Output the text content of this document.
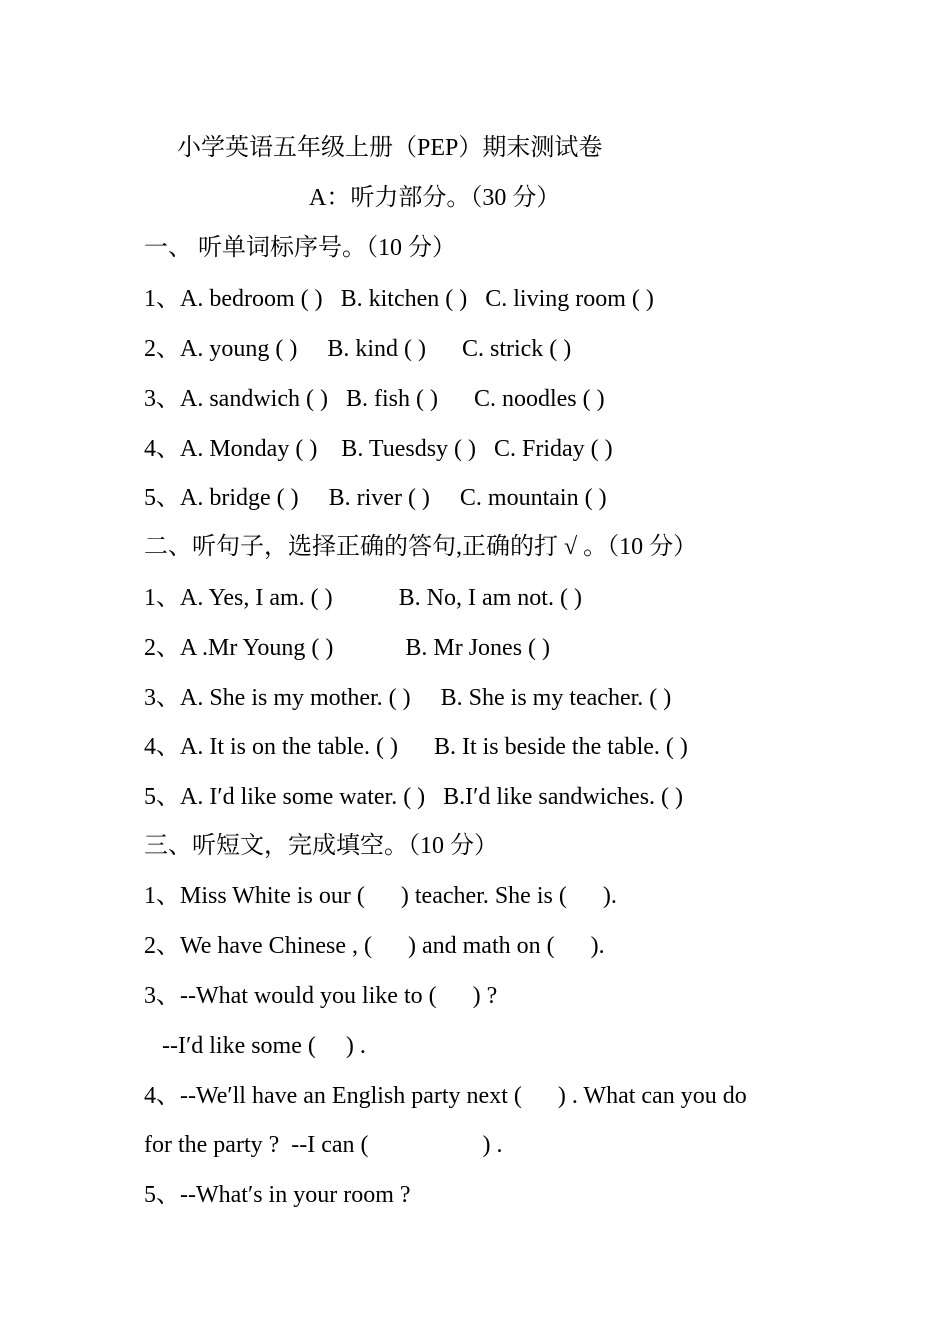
小学英语五年级上册（PEP）期末测试卷

A：听力部分。（30 分）

一、 听单词标序号。（10 分）

1、A. bedroom ( )   B. kitchen ( )   C. living room ( )

2、A. young ( )     B. kind ( )      C. strick ( )

3、A. sandwich ( )   B. fish ( )      C. noodles ( )

4、A. Monday ( )    B. Tuesdsy ( )   C. Friday ( )

5、A. bridge ( )     B. river ( )     C. mountain ( )

二、听句子，选择正确的答句,正确的打 √ 。（10 分）

1、A. Yes, I am. ( )           B. No, I am not. ( )

2、A .Mr Young ( )            B. Mr Jones ( )

3、A. She is my mother. ( )     B. She is my teacher. ( )

4、A. It is on the table. ( )      B. It is beside the table. ( )

5、A. I′d like some water. ( )   B.I′d like sandwiches. ( )

三、听短文，完成填空。（10 分）

1、Miss White is our (      ) teacher. She is (      ).

2、We have Chinese , (      ) and math on (      ).

3、--What would you like to (      ) ?

--I′d like some (     ) .

4、--We′ll have an English party next (      ) . What can you do

for the party ?  --I can (                   ) .

5、--What′s in your room ?
